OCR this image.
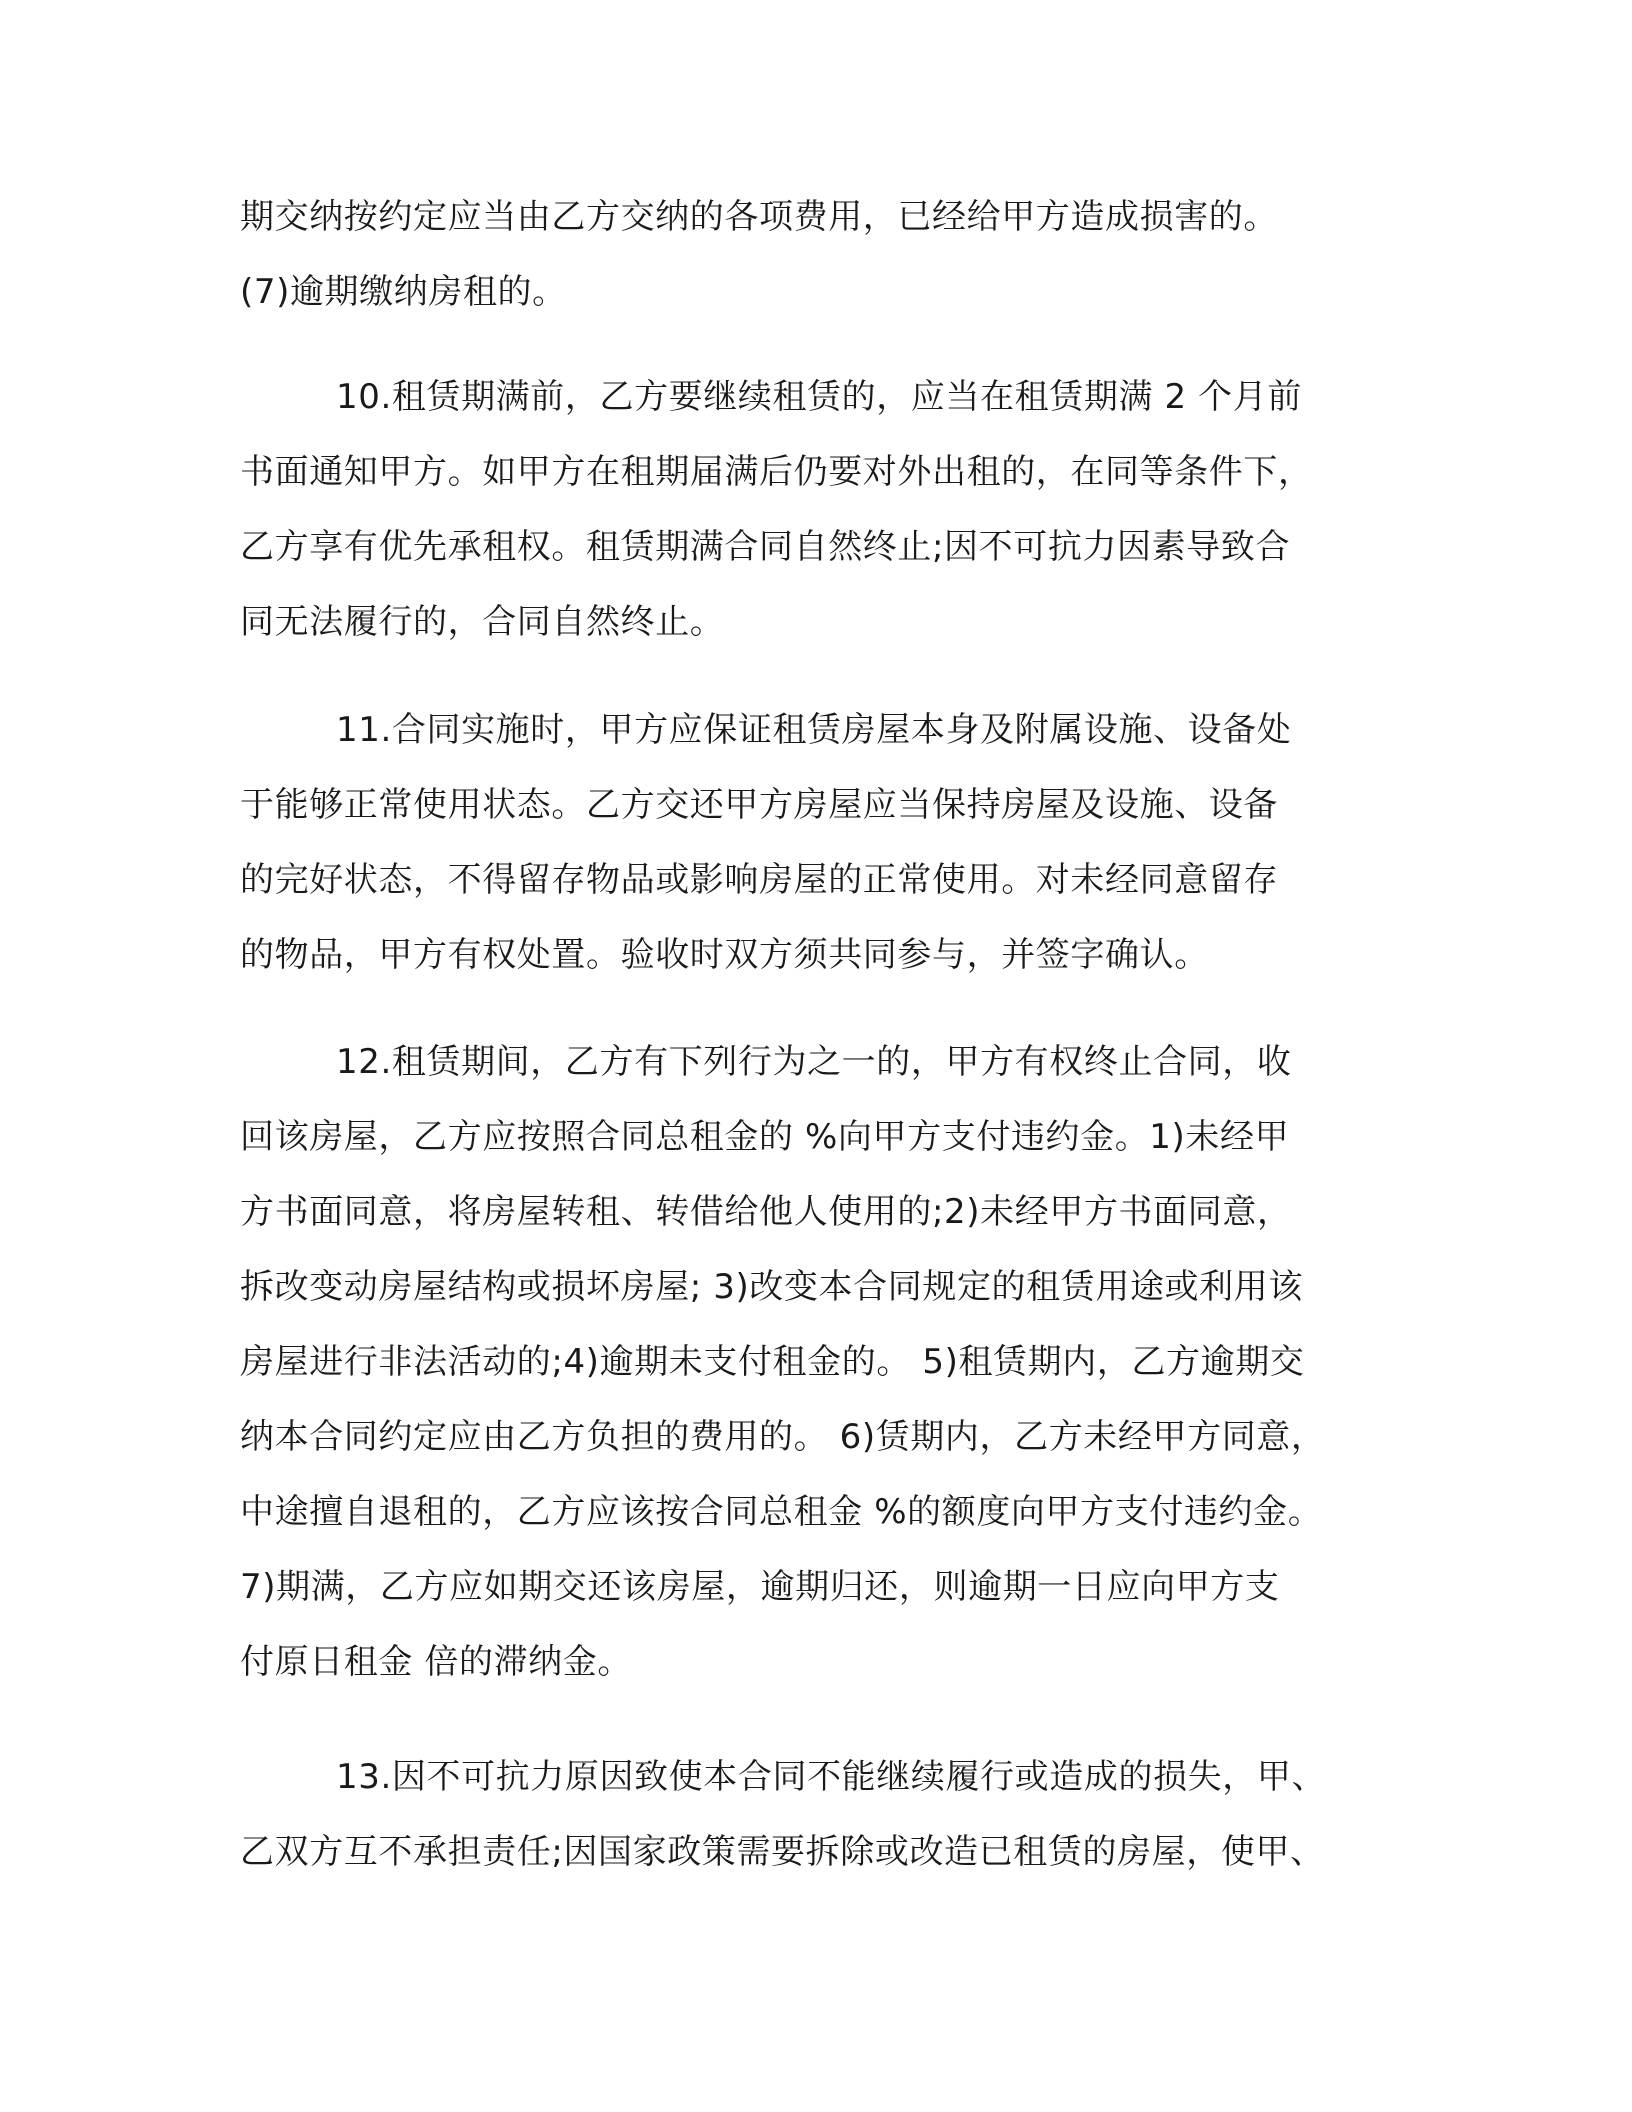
期交纳按约定应当由乙方交纳的各项费用，已经给甲方造成损害的。
(7)逾期缴纳房租的。
10.租赁期满前，乙方要继续租赁的，应当在租赁期满 2 个月前
书面通知甲方。如甲方在租期届满后仍要对外出租的，在同等条件下，
乙方享有优先承租权。租赁期满合同自然终止;因不可抗力因素导致合
同无法履行的，合同自然终止。
11.合同实施时，甲方应保证租赁房屋本身及附属设施、设备处
于能够正常使用状态。乙方交还甲方房屋应当保持房屋及设施、设备
的完好状态，不得留存物品或影响房屋的正常使用。对未经同意留存
的物品，甲方有权处置。验收时双方须共同参与，并签字确认。
12.租赁期间，乙方有下列行为之一的，甲方有权终止合同，收
回该房屋，乙方应按照合同总租金的 %向甲方支付违约金。1)未经甲
方书面同意，将房屋转租、转借给他人使用的;2)未经甲方书面同意，
拆改变动房屋结构或损坏房屋; 3)改变本合同规定的租赁用途或利用该
房屋进行非法活动的;4)逾期未支付租金的。 5)租赁期内，乙方逾期交
纳本合同约定应由乙方负担的费用的。 6)赁期内，乙方未经甲方同意，
中途擅自退租的，乙方应该按合同总租金 %的额度向甲方支付违约金。
7)期满，乙方应如期交还该房屋，逾期归还，则逾期一日应向甲方支
付原日租金 倍的滞纳金。
13.因不可抗力原因致使本合同不能继续履行或造成的损失，甲、
乙双方互不承担责任;因国家政策需要拆除或改造已租赁的房屋，使甲、
